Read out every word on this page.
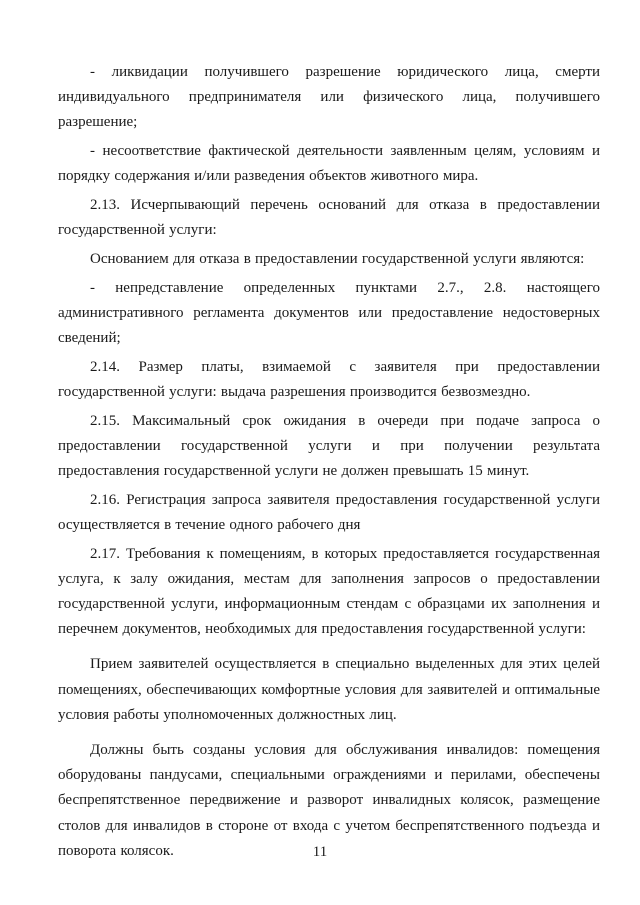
- ликвидации получившего разрешение юридического лица, смерти индивидуального предпринимателя или физического лица, получившего разрешение;

- несоответствие фактической деятельности заявленным целям, условиям и порядку содержания и/или разведения объектов животного мира.

2.13. Исчерпывающий перечень оснований для отказа в предоставлении государственной услуги:

Основанием для отказа в предоставлении государственной услуги являются:

- непредставление определенных пунктами 2.7., 2.8. настоящего административного регламента документов или предоставление недостоверных сведений;

2.14. Размер платы, взимаемой с заявителя при предоставлении государственной услуги: выдача разрешения производится безвозмездно.

2.15. Максимальный срок ожидания в очереди при подаче запроса о предоставлении государственной услуги и при получении результата предоставления государственной услуги не должен превышать 15 минут.

2.16. Регистрация запроса заявителя предоставления государственной услуги осуществляется в течение одного рабочего дня

2.17. Требования к помещениям, в которых предоставляется государственная услуга, к залу ожидания, местам для заполнения запросов о предоставлении государственной услуги, информационным стендам с образцами их заполнения и перечнем документов, необходимых для предоставления государственной услуги:

Прием заявителей осуществляется в специально выделенных для этих целей помещениях, обеспечивающих комфортные условия для заявителей и оптимальные условия работы уполномоченных должностных лиц.

Должны быть созданы условия для обслуживания инвалидов: помещения оборудованы пандусами, специальными ограждениями и перилами, обеспечены беспрепятственное передвижение и разворот инвалидных колясок, размещение столов для инвалидов в стороне от входа с учетом беспрепятственного подъезда и поворота колясок.	11
